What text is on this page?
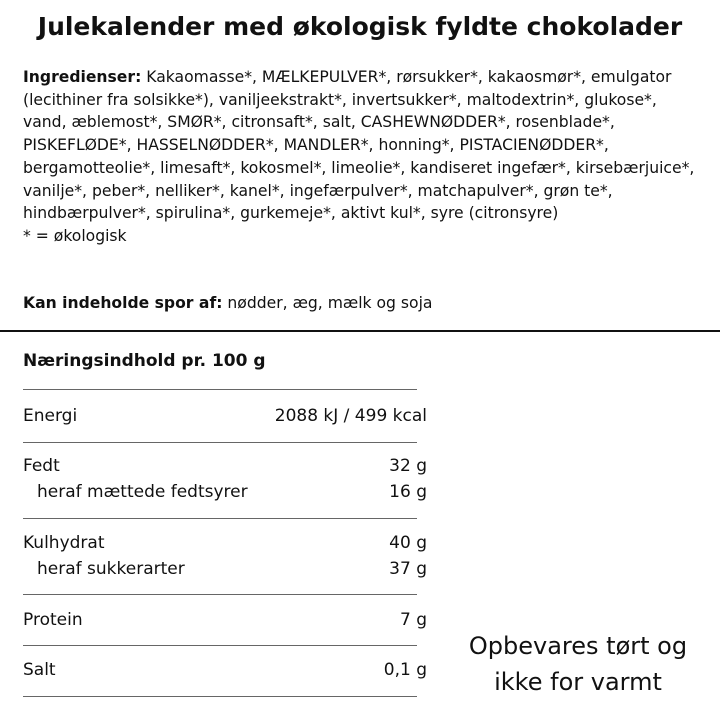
Julekalender med økologisk fyldte chokolader
Ingredienser: Kakaomasse*, MÆLKEPULVER*, rørsukker*, kakaosmør*, emulgator (lecithiner fra solsikke*), vaniljeekstrakt*, invertsukker*, maltodextrin*, glukose*, vand, æblemost*, SMØR*, citronsaft*, salt, CASHEWNØDDER*, rosenblade*, PISKEFLØDE*, HASSELNØDDER*, MANDLER*, honning*, PISTACIENØDDER*, bergamotteolie*, limesaft*, kokosmel*, limeolie*, kandiseret ingefær*, kirsebærjuice*, vanilje*, peber*, nelliker*, kanel*, ingefærpulver*, matchapulver*, grøn te*, hindbærpulver*, spirulina*, gurkemeje*, aktivt kul*, syre (citronsyre)
* = økologisk
Kan indeholde spor af: nødder, æg, mælk og soja
Næringsindhold pr. 100 g
Energi	2088 kJ / 499 kcal
Fedt	32 g
heraf mættede fedtsyrer	16 g
Kulhydrat	40 g
heraf sukkerarter	37 g
Protein	7 g
Salt	0,1 g
Opbevares tørt og
ikke for varmt
